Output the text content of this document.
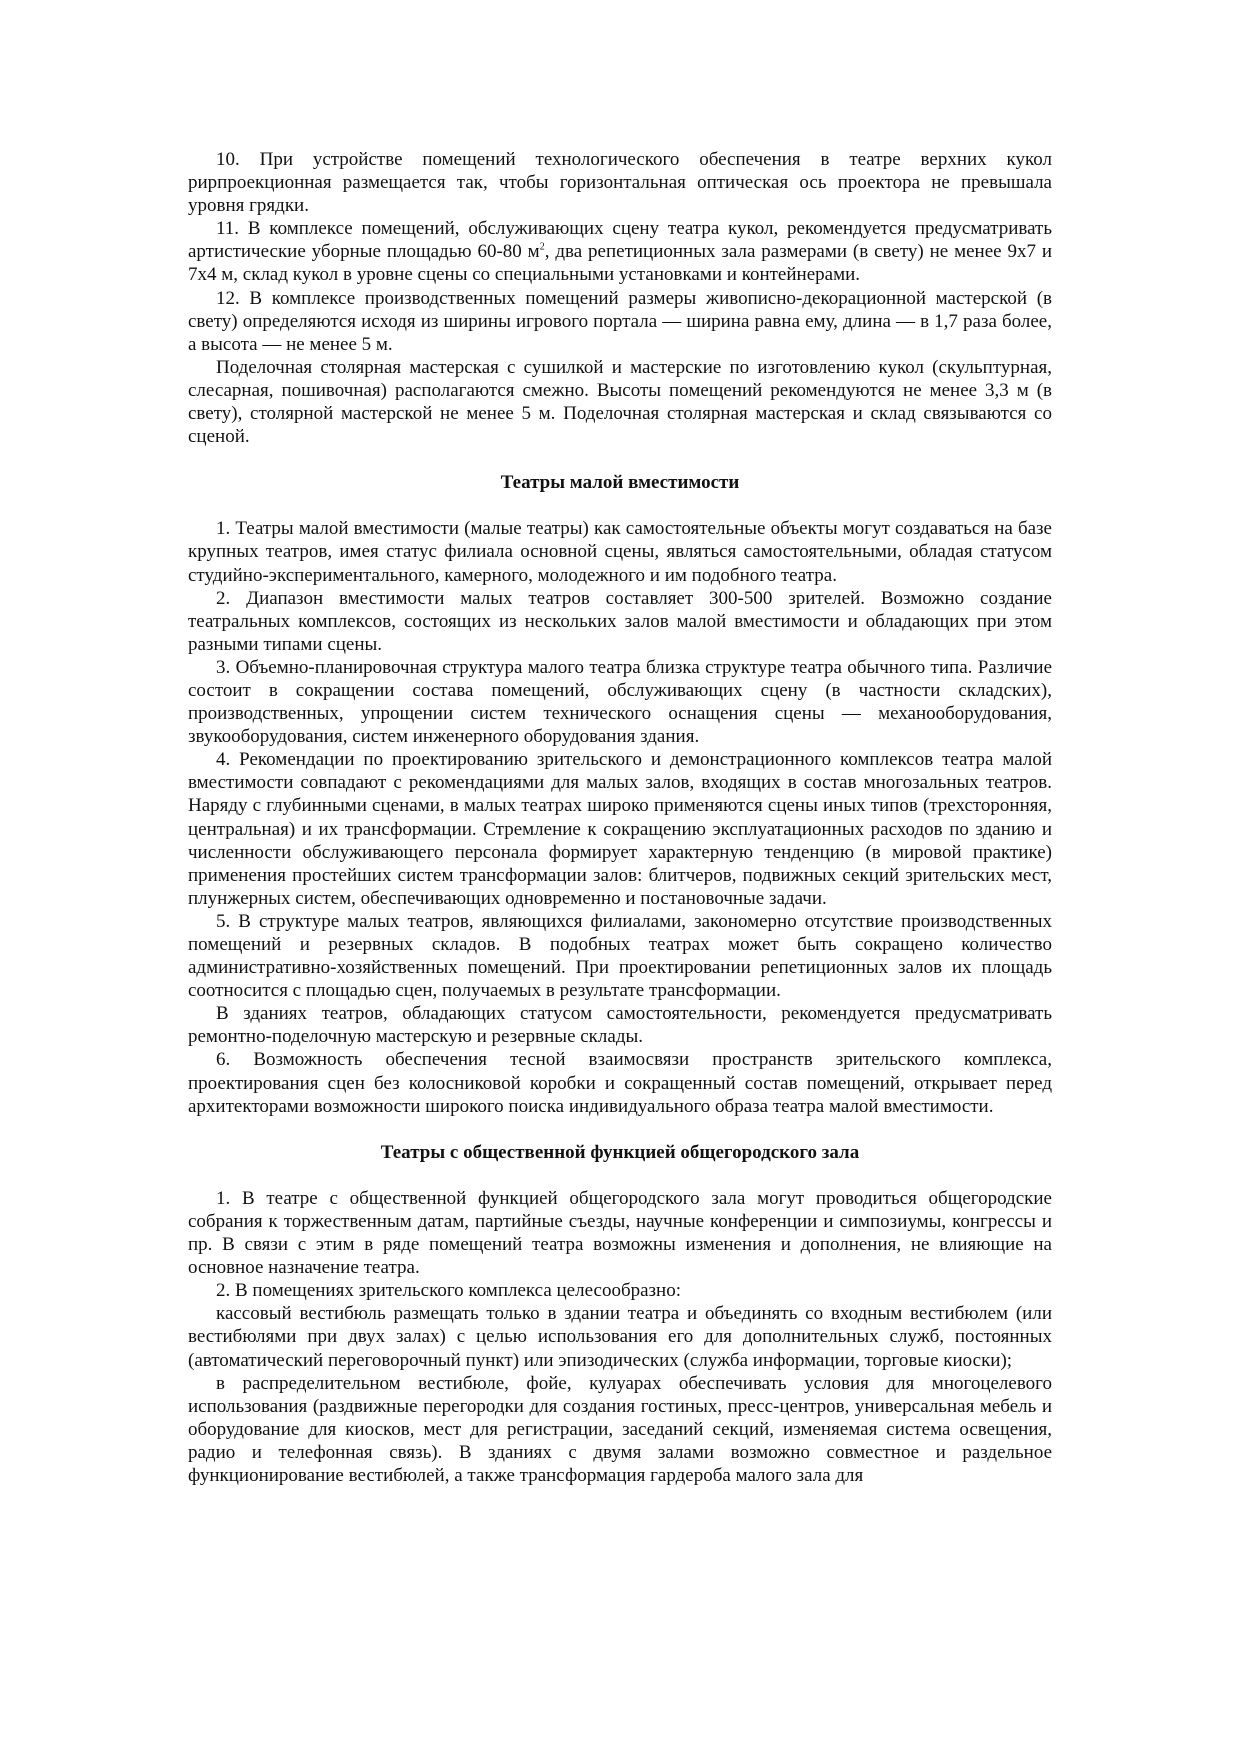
10. При устройстве помещений технологического обеспечения в театре верхних кукол рирпроекционная размещается так, чтобы горизонтальная оптическая ось проектора не превышала уровня грядки.

11. В комплексе помещений, обслуживающих сцену театра кукол, рекомендуется предусматривать артистические уборные площадью 60-80 $м^2$, два репетиционных зала размерами (в свету) не менее 9х7 и 7х4 м, склад кукол в уровне сцены со специальными установками и контейнерами.

12. В комплексе производственных помещений размеры живописно-декорационной мастерской (в свету) определяются исходя из ширины игрового портала — ширина равна ему, длина — в 1,7 раза более, а высота — не менее 5 м.

Поделочная столярная мастерская с сушилкой и мастерские по изготовлению кукол (скульптурная, слесарная, пошивочная) располагаются смежно. Высоты помещений рекомендуются не менее 3,3 м (в свету), столярной мастерской не менее 5 м. Поделочная столярная мастерская и склад связываются со сценой.

Театры малой вместимости

1. Театры малой вместимости (малые театры) как самостоятельные объекты могут создаваться на базе крупных театров, имея статус филиала основной сцены, являться самостоятельными, обладая статусом студийно-экспериментального, камерного, молодежного и им подобного театра.

2. Диапазон вместимости малых театров составляет 300-500 зрителей. Возможно создание театральных комплексов, состоящих из нескольких залов малой вместимости и обладающих при этом разными типами сцены.

3. Объемно-планировочная структура малого театра близка структуре театра обычного типа. Различие состоит в сокращении состава помещений, обслуживающих сцену (в частности складских), производственных, упрощении систем технического оснащения сцены — механооборудования, звукооборудования, систем инженерного оборудования здания.

4. Рекомендации по проектированию зрительского и демонстрационного комплексов театра малой вместимости совпадают с рекомендациями для малых залов, входящих в состав многозальных театров. Наряду с глубинными сценами, в малых театрах широко применяются сцены иных типов (трехсторонняя, центральная) и их трансформации. Стремление к сокращению эксплуатационных расходов по зданию и численности обслуживающего персонала формирует характерную тенденцию (в мировой практике) применения простейших систем трансформации залов: блитчеров, подвижных секций зрительских мест, плунжерных систем, обеспечивающих одновременно и постановочные задачи.

5. В структуре малых театров, являющихся филиалами, закономерно отсутствие производственных помещений и резервных складов. В подобных театрах может быть сокращено количество административно-хозяйственных помещений. При проектировании репетиционных залов их площадь соотносится с площадью сцен, получаемых в результате трансформации.

В зданиях театров, обладающих статусом самостоятельности, рекомендуется предусматривать ремонтно-поделочную мастерскую и резервные склады.

6. Возможность обеспечения тесной взаимосвязи пространств зрительского комплекса, проектирования сцен без колосниковой коробки и сокращенный состав помещений, открывает перед архитекторами возможности широкого поиска индивидуального образа театра малой вместимости.

Театры с общественной функцией общегородского зала

1. В театре с общественной функцией общегородского зала могут проводиться общегородские собрания к торжественным датам, партийные съезды, научные конференции и симпозиумы, конгрессы и пр. В связи с этим в ряде помещений театра возможны изменения и дополнения, не влияющие на основное назначение театра.

2. В помещениях зрительского комплекса целесообразно:

кассовый вестибюль размещать только в здании театра и объединять со входным вестибюлем (или вестибюлями при двух залах) с целью использования его для дополнительных служб, постоянных (автоматический переговорочный пункт) или эпизодических (служба информации, торговые киоски);

в распределительном вестибюле, фойе, кулуарах обеспечивать условия для многоцелевого использования (раздвижные перегородки для создания гостиных, пресс-центров, универсальная мебель и оборудование для киосков, мест для регистрации, заседаний секций, изменяемая система освещения, радио и телефонная связь). В зданиях с двумя залами возможно совместное и раздельное функционирование вестибюлей, а также трансформация гардероба малого зала для
